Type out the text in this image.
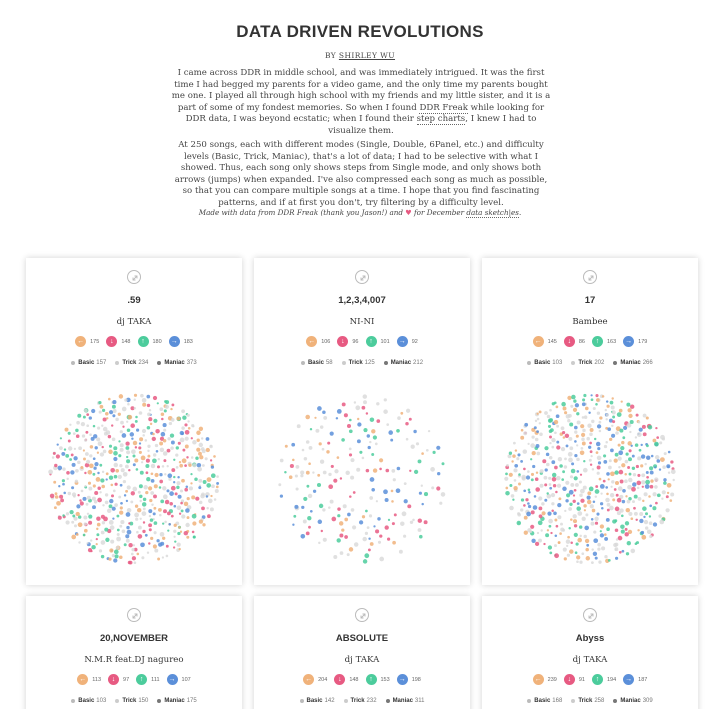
DATA DRIVEN REVOLUTIONS
BY SHIRLEY WU

I came across DDR in middle school, and was immediately intrigued. It was the first time I had begged my parents for a video game, and the only time my parents bought me one. I played all through high school with my friends and my little sister, and it is a part of some of my fondest memories. So when I found DDR Freak while looking for DDR data, I was beyond ecstatic; when I found their step charts, I knew I had to visualize them.

At 250 songs, each with different modes (Single, Double, 6Panel, etc.) and difficulty levels (Basic, Trick, Maniac), that's a lot of data; I had to be selective with what I showed. Thus, each song only shows steps from Single mode, and only shows both arrows (jumps) when expanded. I've also compressed each song as much as possible, so that you can compare multiple songs at a time. I hope that you find fascinating patterns, and if at first you don't, try filtering by a difficulty level.

Made with data from DDR Freak (thank you Jason!) and ♥ for December data sketch|es.

.59
dj TAKA
←	175	↓	148	↑	180 →	183
Basic 157	Trick 234	Maniac 373
1,2,3,4,007
NI-NI
←	106	↓	96	↑	101 →	92
Basic 58	Trick 125	Maniac 212
17
Bambee
←	145	↓	86	↑	163 →	179
Basic 103	Trick 202	Maniac 266
20,NOVEMBER
N.M.R feat.DJ nagureo
←	113	↓	97	↑	111 →	107
Basic 103	Trick 150	Maniac 175
ABSOLUTE
dj TAKA
←	204	↓	148	↑	153 →	198
Basic 142	Trick 232	Maniac 311
Abyss
dj TAKA
←	239	↓	91	↑	194 →	187
Basic 168	Trick 258	Maniac 309
